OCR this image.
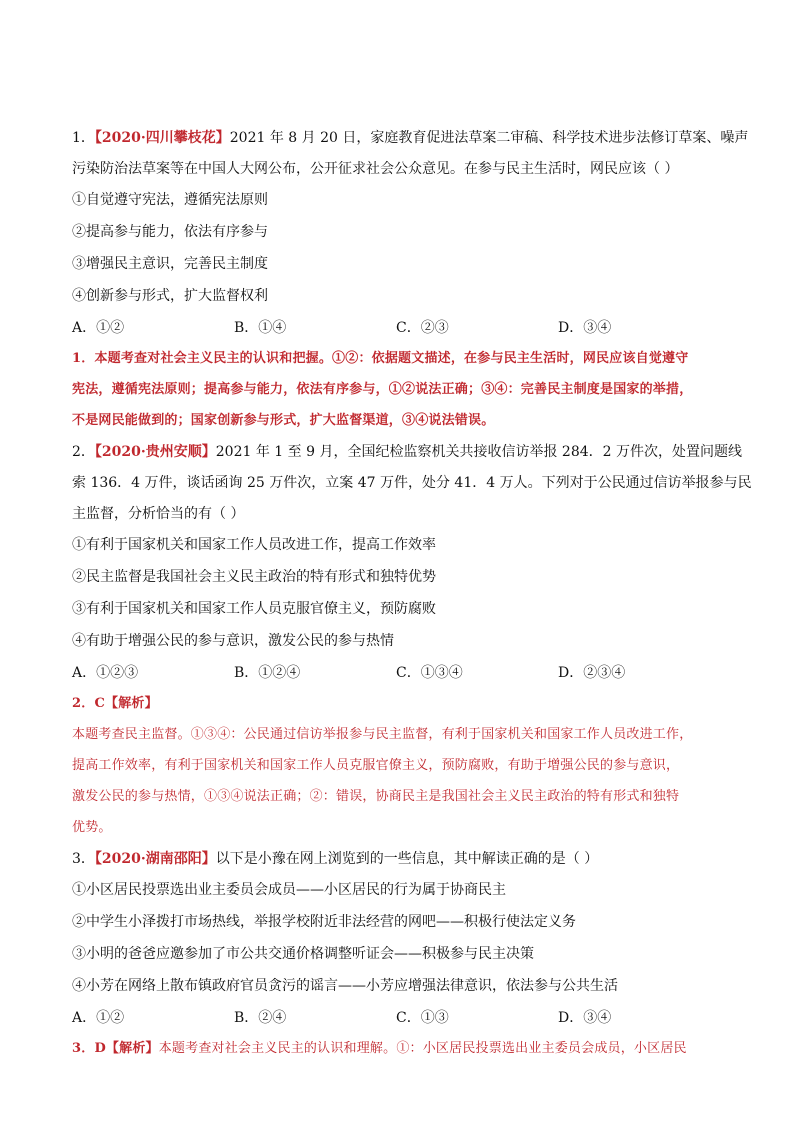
1．【2020·四川攀枝花】2021 年 8 月 20 日，家庭教育促进法草案二审稿、科学技术进步法修订草案、噪声

污染防治法草案等在中国人大网公布，公开征求社会公众意见。在参与民主生活时，网民应该（ ）

①自觉遵守宪法，遵循宪法原则

②提高参与能力，依法有序参与

③增强民主意识，完善民主制度

④创新参与形式，扩大监督权利

A．①②	B．①④	C．②③	D．③④

1．本题考查对社会主义民主的认识和把握。①②：依据题文描述，在参与民主生活时，网民应该自觉遵守

宪法，遵循宪法原则；提高参与能力，依法有序参与，①②说法正确；③④：完善民主制度是国家的举措，

不是网民能做到的；国家创新参与形式，扩大监督渠道，③④说法错误。

2．【2020·贵州安顺】2021 年 1 至 9 月，全国纪检监察机关共接收信访举报 284．2 万件次，处置问题线

索 136．4 万件，谈话函询 25 万件次，立案 47 万件，处分 41．4 万人。下列对于公民通过信访举报参与民

主监督，分析恰当的有（ ）

①有利于国家机关和国家工作人员改进工作，提高工作效率

②民主监督是我国社会主义民主政治的特有形式和独特优势

③有利于国家机关和国家工作人员克服官僚主义，预防腐败

④有助于增强公民的参与意识，激发公民的参与热情

A．①②③	B．①②④	C．①③④	D．②③④

2．C【解析】

本题考查民主监督。①③④：公民通过信访举报参与民主监督，有利于国家机关和国家工作人员改进工作，

提高工作效率，有利于国家机关和国家工作人员克服官僚主义，预防腐败，有助于增强公民的参与意识，

激发公民的参与热情，①③④说法正确；②：错误，协商民主是我国社会主义民主政治的特有形式和独特

优势。

3．【2020·湖南邵阳】以下是小豫在网上浏览到的一些信息，其中解读正确的是（ ）

①小区居民投票选出业主委员会成员——小区居民的行为属于协商民主

②中学生小泽拨打市场热线，举报学校附近非法经营的网吧——积极行使法定义务

③小明的爸爸应邀参加了市公共交通价格调整听证会——积极参与民主决策

④小芳在网络上散布镇政府官员贪污的谣言——小芳应增强法律意识，依法参与公共生活

A．①②	B．②④	C．①③	D．③④

3．D【解析】本题考查对社会主义民主的认识和理解。①：小区居民投票选出业主委员会成员，小区居民
